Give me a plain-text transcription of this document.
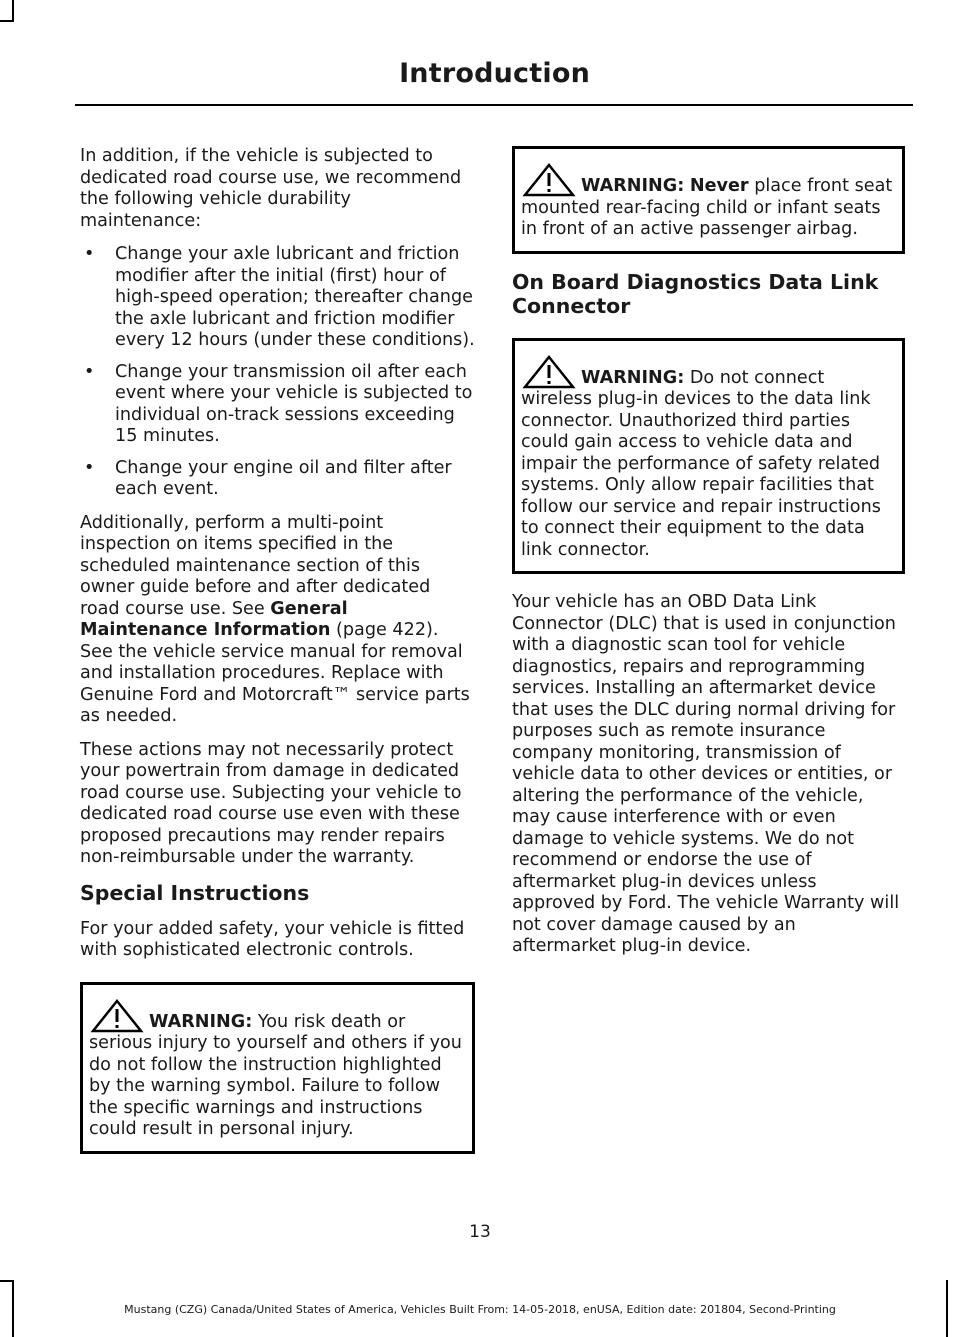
Introduction

In addition, if the vehicle is subjected to dedicated road course use, we recommend the following vehicle durability maintenance:

• Change your axle lubricant and friction modifier after the initial (first) hour of high-speed operation; thereafter change the axle lubricant and friction modifier every 12 hours (under these conditions).
• Change your transmission oil after each event where your vehicle is subjected to individual on-track sessions exceeding 15 minutes.
• Change your engine oil and filter after each event.

Additionally, perform a multi-point inspection on items specified in the scheduled maintenance section of this owner guide before and after dedicated road course use. See General Maintenance Information (page 422). See the vehicle service manual for removal and installation procedures. Replace with Genuine Ford and Motorcraft™ service parts as needed.

These actions may not necessarily protect your powertrain from damage in dedicated road course use. Subjecting your vehicle to dedicated road course use even with these proposed precautions may render repairs non-reimbursable under the warranty.

Special Instructions

For your added safety, your vehicle is fitted with sophisticated electronic controls.

WARNING: You risk death or serious injury to yourself and others if you do not follow the instruction highlighted by the warning symbol. Failure to follow the specific warnings and instructions could result in personal injury.
WARNING: Never place front seat mounted rear-facing child or infant seats in front of an active passenger airbag.
On Board Diagnostics Data Link Connector
WARNING: Do not connect wireless plug-in devices to the data link connector. Unauthorized third parties could gain access to vehicle data and impair the performance of safety related systems. Only allow repair facilities that follow our service and repair instructions to connect their equipment to the data link connector.

Your vehicle has an OBD Data Link Connector (DLC) that is used in conjunction with a diagnostic scan tool for vehicle diagnostics, repairs and reprogramming services. Installing an aftermarket device that uses the DLC during normal driving for purposes such as remote insurance company monitoring, transmission of vehicle data to other devices or entities, or altering the performance of the vehicle, may cause interference with or even damage to vehicle systems. We do not recommend or endorse the use of aftermarket plug-in devices unless approved by Ford. The vehicle Warranty will not cover damage caused by an aftermarket plug-in device.

13
Mustang (CZG) Canada/United States of America, Vehicles Built From: 14-05-2018, enUSA, Edition date: 201804, Second-Printing
